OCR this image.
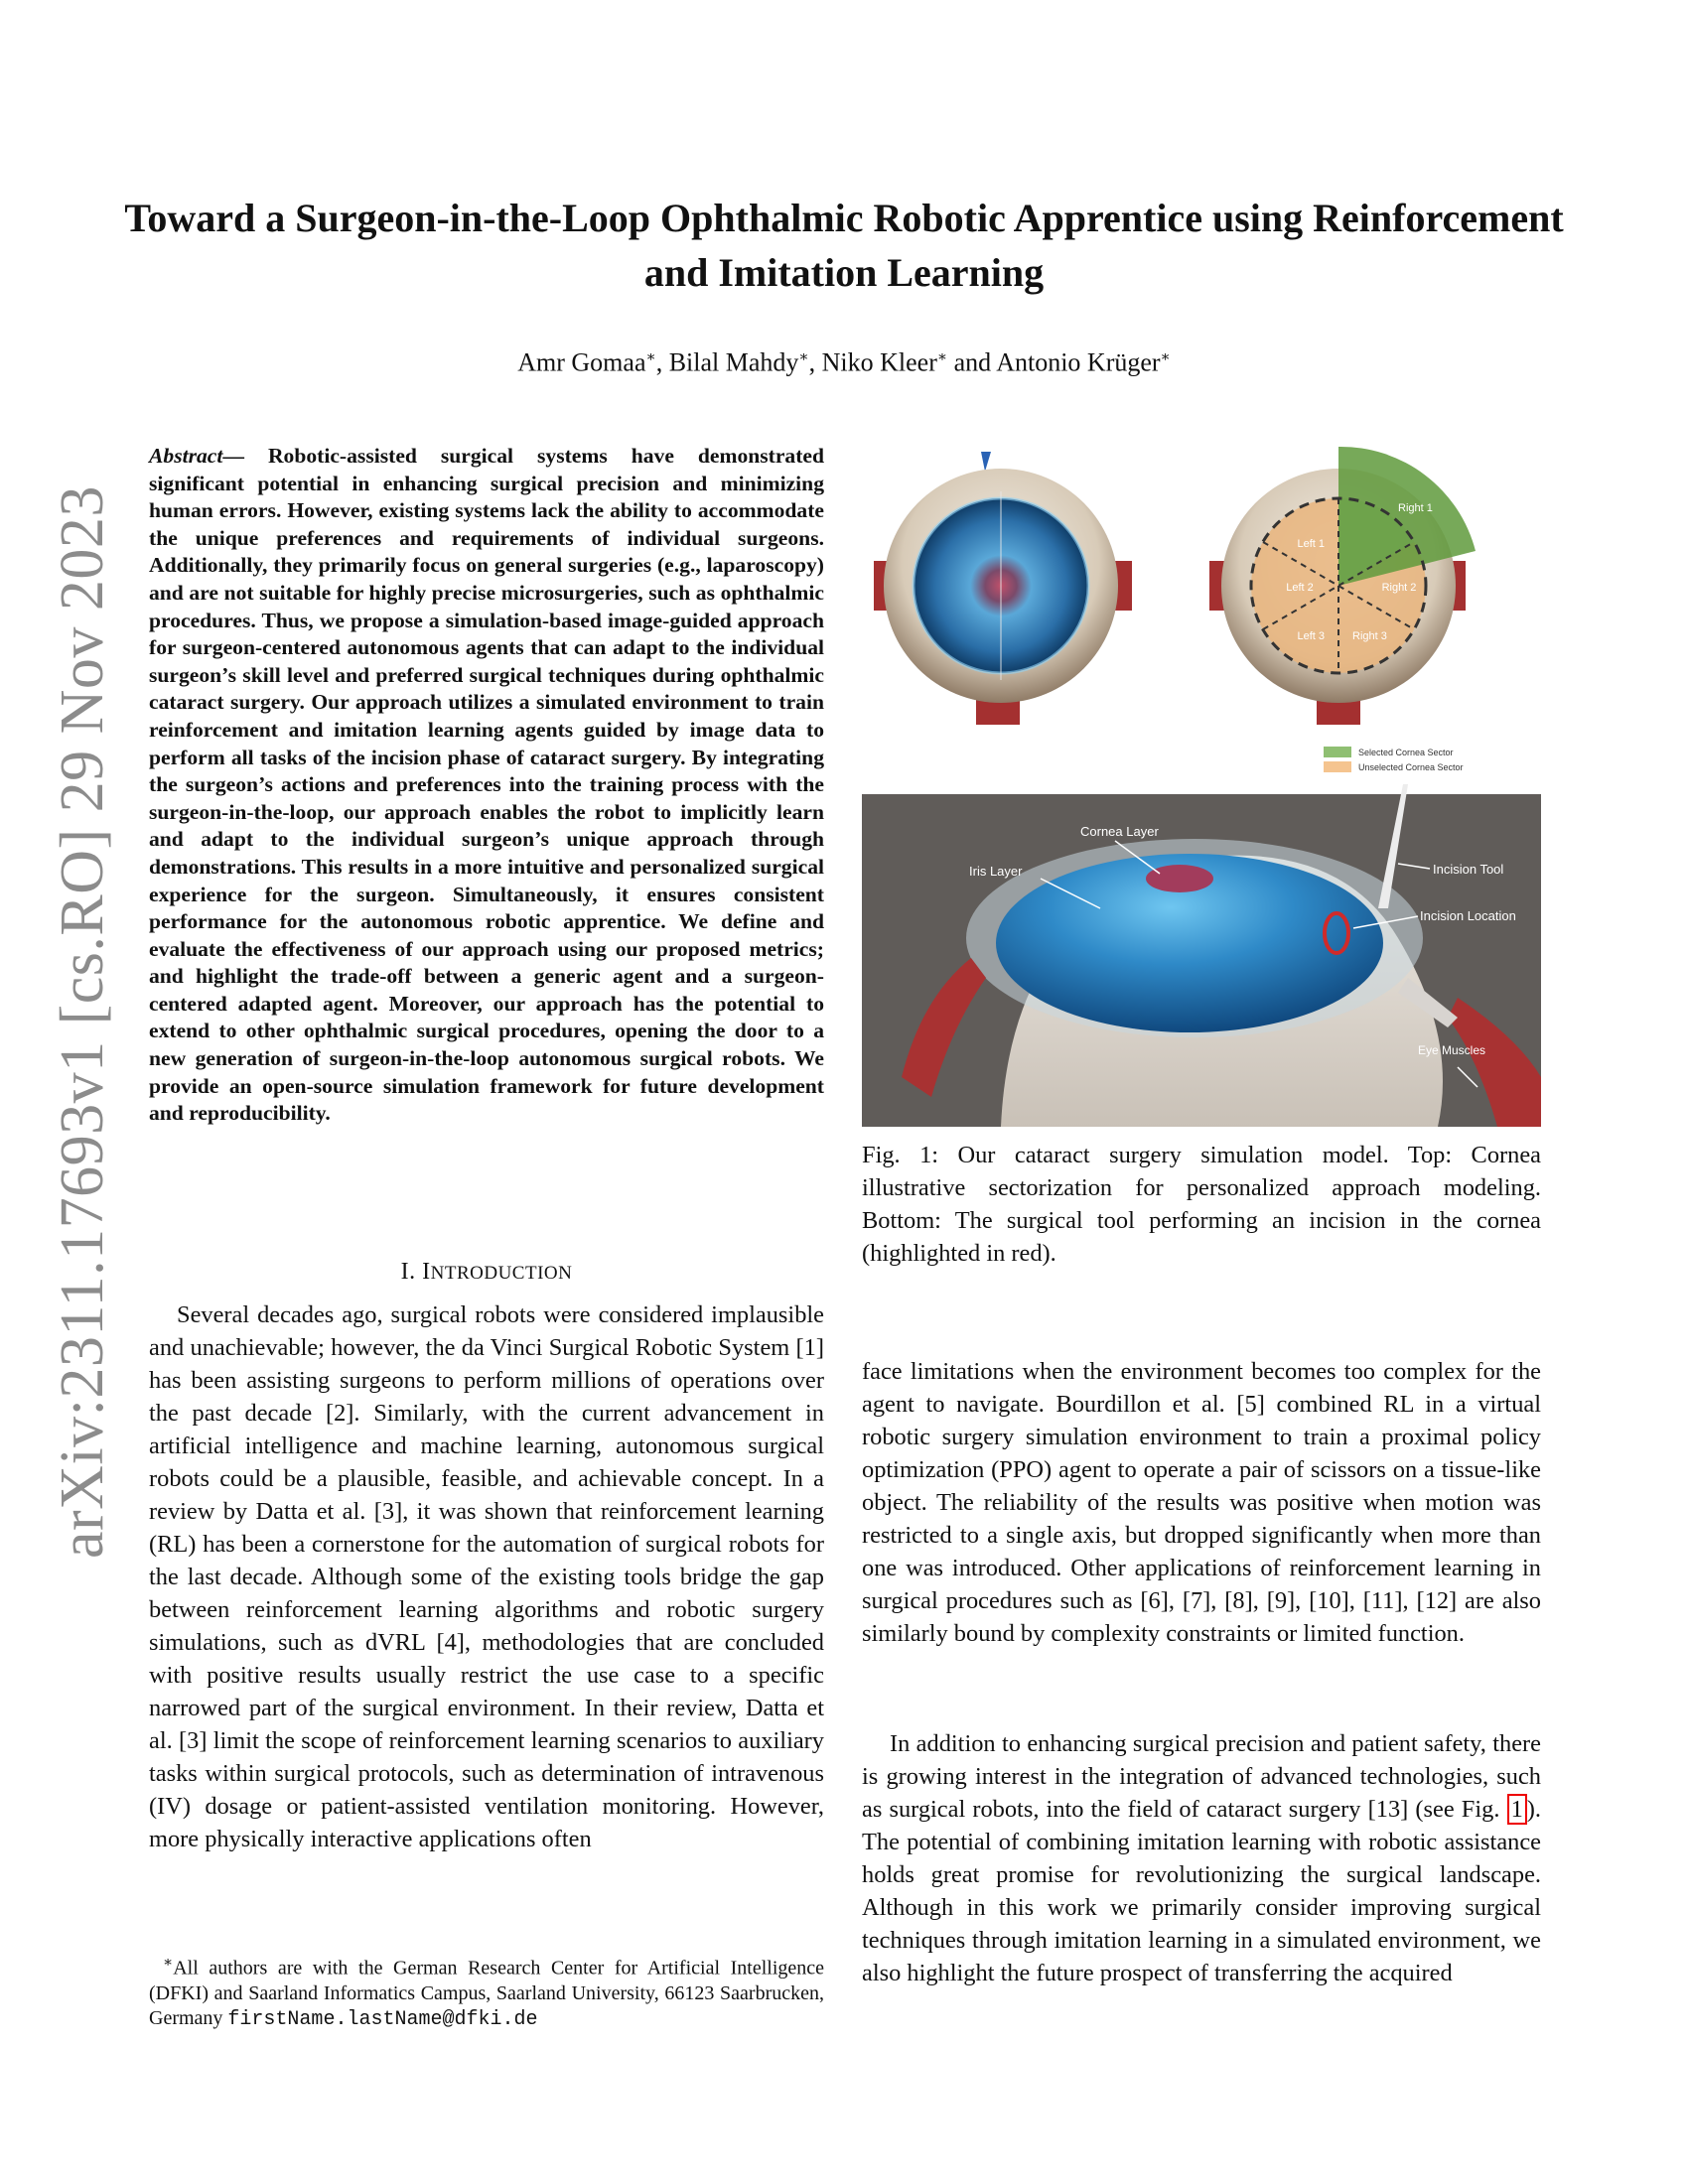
arXiv:2311.17693v1 [cs.RO] 29 Nov 2023
Toward a Surgeon-in-the-Loop Ophthalmic Robotic Apprentice using Reinforcement and Imitation Learning
Amr Gomaa∗, Bilal Mahdy∗, Niko Kleer∗ and Antonio Krüger∗
Abstract— Robotic-assisted surgical systems have demonstrated significant potential in enhancing surgical precision and minimizing human errors. However, existing systems lack the ability to accommodate the unique preferences and requirements of individual surgeons. Additionally, they primarily focus on general surgeries (e.g., laparoscopy) and are not suitable for highly precise microsurgeries, such as ophthalmic procedures. Thus, we propose a simulation-based image-guided approach for surgeon-centered autonomous agents that can adapt to the individual surgeon’s skill level and preferred surgical techniques during ophthalmic cataract surgery. Our approach utilizes a simulated environment to train reinforcement and imitation learning agents guided by image data to perform all tasks of the incision phase of cataract surgery. By integrating the surgeon’s actions and preferences into the training process with the surgeon-in-the-loop, our approach enables the robot to implicitly learn and adapt to the individual surgeon’s unique approach through demonstrations. This results in a more intuitive and personalized surgical experience for the surgeon. Simultaneously, it ensures consistent performance for the autonomous robotic apprentice. We define and evaluate the effectiveness of our approach using our proposed metrics; and highlight the trade-off between a generic agent and a surgeon-centered adapted agent. Moreover, our approach has the potential to extend to other ophthalmic surgical procedures, opening the door to a new generation of surgeon-in-the-loop autonomous surgical robots. We provide an open-source simulation framework for future development and reproducibility.
I. INTRODUCTION
Several decades ago, surgical robots were considered implausible and unachievable; however, the da Vinci Surgical Robotic System [1] has been assisting surgeons to perform millions of operations over the past decade [2]. Similarly, with the current advancement in artificial intelligence and machine learning, autonomous surgical robots could be a plausible, feasible, and achievable concept. In a review by Datta et al. [3], it was shown that reinforcement learning (RL) has been a cornerstone for the automation of surgical robots for the last decade. Although some of the existing tools bridge the gap between reinforcement learning algorithms and robotic surgery simulations, such as dVRL [4], methodologies that are concluded with positive results usually restrict the use case to a specific narrowed part of the surgical environment. In their review, Datta et al. [3] limit the scope of reinforcement learning scenarios to auxiliary tasks within surgical protocols, such as determination of intravenous (IV) dosage or patient-assisted ventilation monitoring. However, more physically interactive applications often
∗All authors are with the German Research Center for Artificial Intelligence (DFKI) and Saarland Informatics Campus, Saarland University, 66123 Saarbrucken, Germany firstName.lastName@dfki.de
Right 1
Left 1
Left 2	Right 2
Left 3	Right 3
Selected Cornea Sector
Unselected Cornea Sector
Cornea Layer
Iris Layer	Incision Tool
Incision Location
Eye Muscles
Fig. 1: Our cataract surgery simulation model. Top: Cornea illustrative sectorization for personalized approach modeling. Bottom: The surgical tool performing an incision in the cornea (highlighted in red).
face limitations when the environment becomes too complex for the agent to navigate. Bourdillon et al. [5] combined RL in a virtual robotic surgery simulation environment to train a proximal policy optimization (PPO) agent to operate a pair of scissors on a tissue-like object. The reliability of the results was positive when motion was restricted to a single axis, but dropped significantly when more than one was introduced. Other applications of reinforcement learning in surgical procedures such as [6], [7], [8], [9], [10], [11], [12] are also similarly bound by complexity constraints or limited function.
In addition to enhancing surgical precision and patient safety, there is growing interest in the integration of advanced technologies, such as surgical robots, into the field of cataract surgery [13] (see Fig. 1 ). The potential of combining imitation learning with robotic assistance holds great promise for revolutionizing the surgical landscape. Although in this work we primarily consider improving surgical techniques through imitation learning in a simulated environment, we also highlight the future prospect of transferring the acquired
